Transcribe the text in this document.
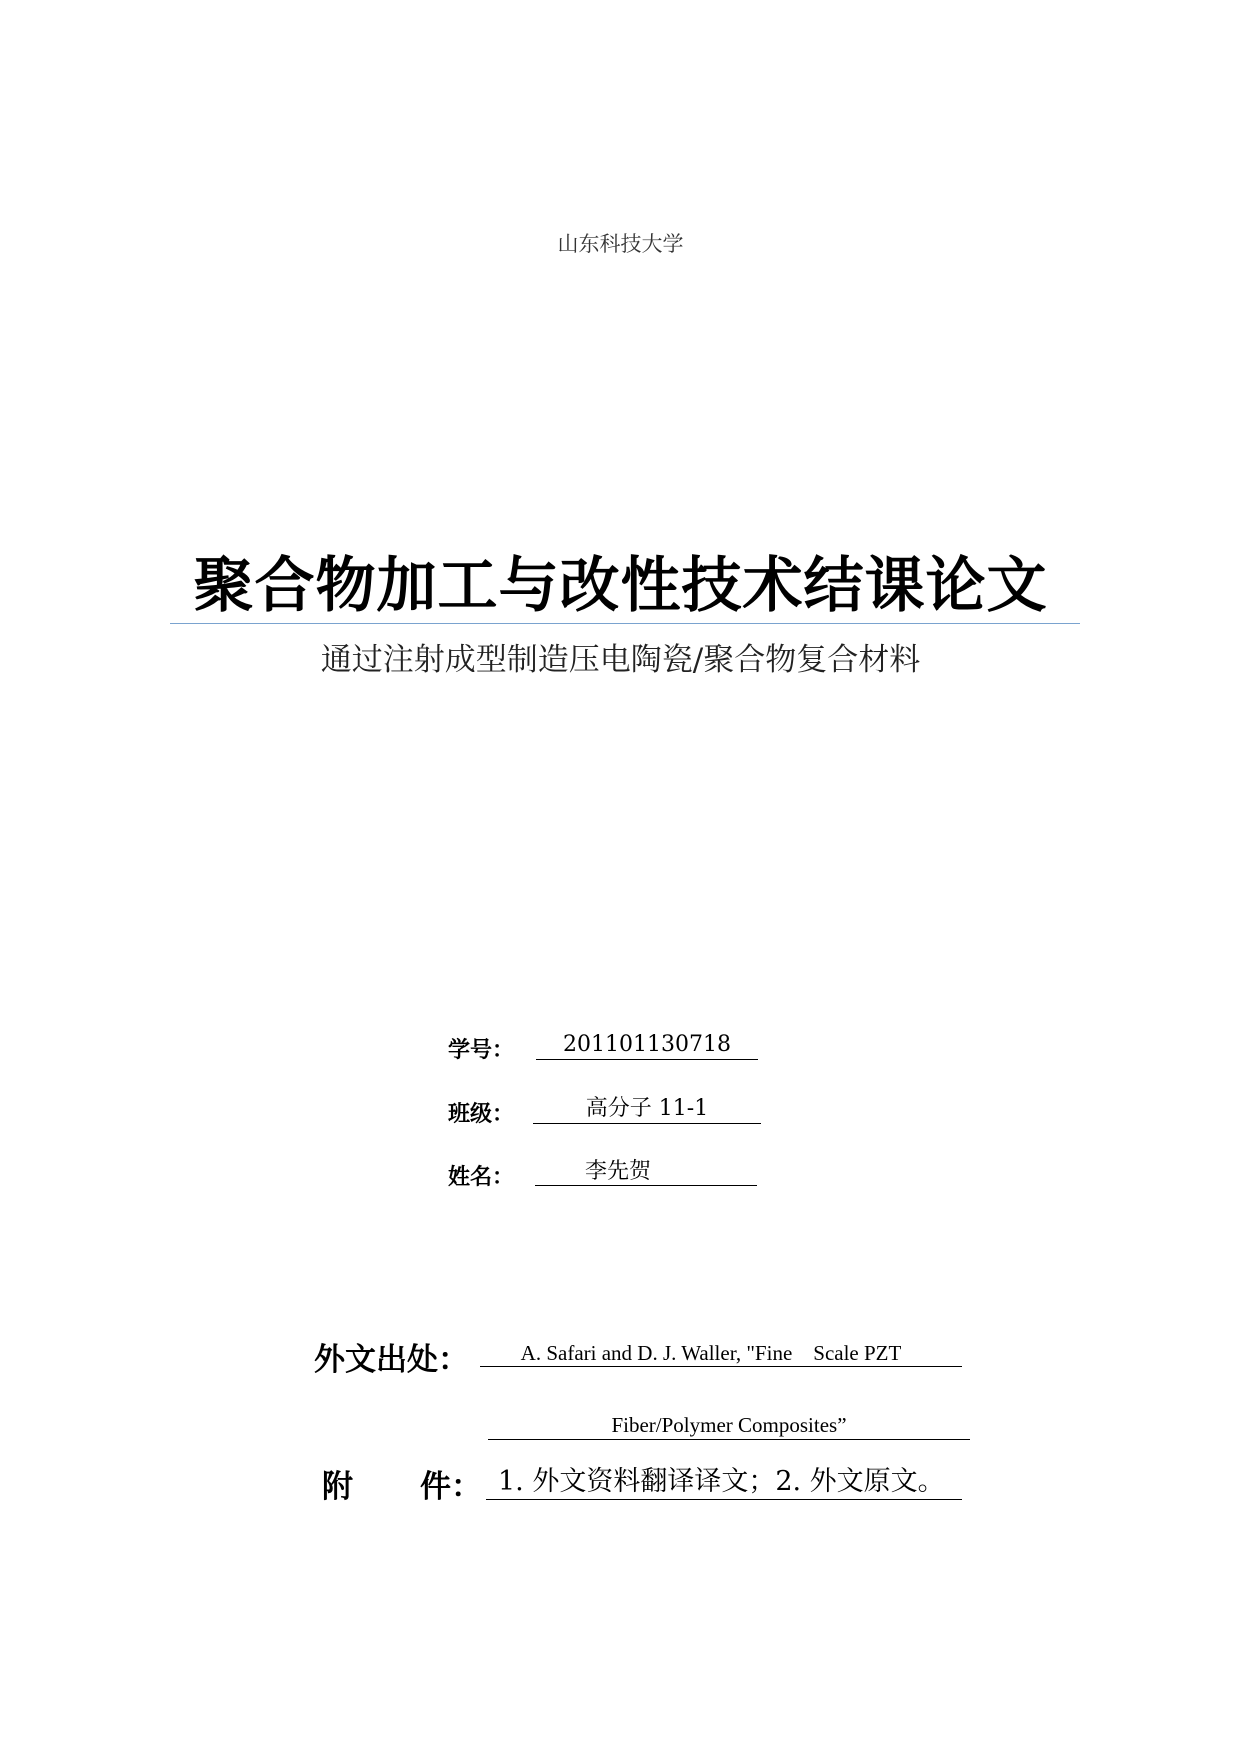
山东科技大学
聚合物加工与改性技术结课论文
通过注射成型制造压电陶瓷/聚合物复合材料
学号：	201101130718
班级：	高分子 11-1
姓名：	李先贺
外文出处：	A. Safari and D. J. Waller, "Fine　Scale PZT
Fiber/Polymer Composites”
附 件： 1. 外文资料翻译译文；2. 外文原文。
